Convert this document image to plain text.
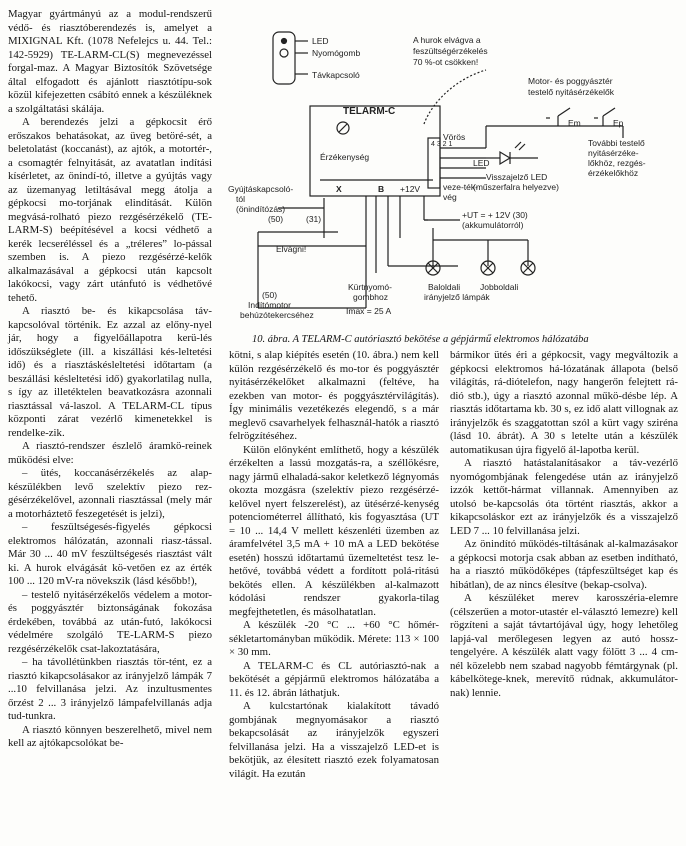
Magyar gyártmányú az a modul-rendszerű védő- és riasztóberendezés is, amelyet a MIXIGNAL Kft. (1078 Nefelejcs u. 44. Tel.: 142-5929) TE-LARM-CL(S) megnevezéssel forgal-maz. A Magyar Biztosítók Szövetsége által elfogadott és ajánlott riasztótípu-sok közül kifejezetten csábító ennek a készüléknek a szolgáltatási skálája.

A berendezés jelzi a gépkocsit érő erőszakos behatásokat, az üveg betöré-sét, a beletolatást (koccanást), az ajtók, a motortér-, a csomagtér felnyitását, az avatatlan indítási kísérletet, az önindí-tó, illetve a gyújtás vagy az üzemanyag letiltásával megg átolja a gépkocsi mo-torjának elindítását. Külön megvásá-rolható piezo rezgésérzékelő (TE-LARM-S) beépítésével a kocsi védhető a kerék lecseréléssel és a „tréleres” lo-pással szemben is. A piezo rezgésérzé-kelők alkalmazásával a gépkocsi után kapcsolt lakókocsi, vagy zárt utánfutó is védhetővé tehető.

A riasztó be- és kikapcsolása táv-kapcsolóval történik. Ez azzal az előny-nyel jár, hogy a figyelőállapotra kerü-lés időszükséglete (ill. a kiszállási kés-leltetési idő) és a riasztáskésleltetési időtartam (a beszállási késleltetési idő) gyakorlatilag nulla, s így az illetéktelen beavatkozásra azonnali riasztással vá-laszol. A TELARM-CL típus központi zárat vezérlő kimenetekkel is rendelke-zik.

A riasztó-rendszer észlelő áramkö-reinek működési elve:

– ütés, koccanásérzékelés az alap-készülékben levő szelektív piezo rez-gésérzékelővel, azonnali riasztással (mely már a motorháztető feszegetését is jelzi),

– feszültségesés-figyelés gépkocsi elektromos hálózatán, azonnali riasz-tással. Már 30 ... 40 mV feszültségesés riasztást vált ki. A hurok elvágását kö-vetően ez az érték 100 ... 120 mV-ra növekszik (lásd később!),

– testelő nyitásérzékelős védelem a motor- és poggyásztér biztonságának fokozása érdekében, továbbá az után-futó, lakókocsi védelmére szolgáló TE-LARM-S piezo rezgésérzékelők csat-lakoztatására,

– ha távollétünkben riasztás tör-tént, ez a riasztó kikapcsolásakor az irányjelző lámpák 7 ...10 felvillanása jelzi. Az inzultusmentes őrzést 2 ... 3 irányjelző lámpafelvillanás adja tud-tunkra.

A riasztó könnyen beszerelhető, mivel nem kell az ajtókapcsolókat be-

LED
Nyomógomb
Távkapcsoló
A hurok elvágva a
feszültségérzékelés
70 %-ot csökken!
TELARM-C
Érzékenység
4 3 2 1
Vörös
veze-ték-
vég
Motor- és poggyásztér
testelő nyitásérzékelők
Em	Ep
További testelő
nyitásérzéke-
lőkhöz, rezgés-
érzékelőkhöz
LED
Visszajelző LED
(műszerfalra helyezve)
Gyújtáskapcsoló-
tól
(önindítózás)
(50)	(31)
Elvágni!
(50)
+UT = + 12V (30)
(akkumulátorról)
Kürtnyomó-
gombhoz
Imax = 25 A
Baloldali
irányjelző lámpák
Jobboldali
Indítómotor
behúzótekercséhez
X	B +12V
10. ábra. A TELARM-C autóriasztó bekötése a gépjármű elektromos hálózatába

kötni, s alap kiépítés esetén (10. ábra.) nem kell külön rezgésérzékelő és mo-tor és poggyásztér nyitásérzékelőket alkalmazni (feltéve, ha ezekben van motor- és poggyásztérvilágítás). Így minimális vezetékezés elegendő, s a már meglevő csavarhelyek felhasznál-hatók a riasztó felrögzítéséhez.

Külön előnyként említhető, hogy a készülék érzékelten a lassú mozgatás-ra, a széllökésre, nagy jármű elhaladá-sakor keletkező légnyomás okozta mozgásra (szelektív piezo rezgésérzé-kelővel nyert felszerelést), az ütésérzé-kenység potenciométerrel állítható, kis fogyasztása (UT = 10 ... 14,4 V mellett készenléti üzemben az áramfelvétel 3,5 mA + 10 mA a LED bekötése esetén) hosszú időtartamú üzemeltetést tesz le-hetővé, továbbá védett a fordított polá-ritású bekötés ellen. A készülékben al-kalmazott kódolási rendszer gyakorla-tilag megfejthetetlen, és másolhatatlan.

A készülék -20 °C ... +60 °C hőmér-sékletartományban működik. Mérete: 113 × 100 × 30 mm.

A TELARM-C és CL autóriasztó-nak a bekötését a gépjármű elektromos hálózatába a 11. és 12. ábrán láthatjuk.

A kulcstartónak kialakított távadó gombjának megnyomásakor a riasztó bekapcsolását az irányjelzők egyszeri felvillanása jelzi. Ha a visszajelző LED-et is bekötjük, az élesített riasztó ezek folyamatosan világít. Ha ezután

bármikor ütés éri a gépkocsit, vagy megváltozik a gépkocsi elektromos há-lózatának állapota (belső világítás, rá-diótelefon, nagy hangerőn felejtett rá-dió stb.), úgy a riasztó azonnal műkö-désbe lép. A riasztás időtartama kb. 30 s, ez idő alatt villognak az irányjelzők és szaggatottan szól a kürt vagy sziréna (lásd 10. ábrát). A 30 s letelte után a készülék automatikusan újra figyelő ál-lapotba kerül.

A riasztó hatástalanításakor a táv-vezérlő nyomógombjának felengedése után az irányjelző izzók kettőt-hármat villannak. Amennyiben az utolsó be-kapcsolás óta történt riasztás, akkor a kikapcsoláskor ezt az irányjelzők és a visszajelző LED 7 ... 10 felvillanása jelzi.

Az önindító működés-tiltásának al-kalmazásakor a gépkocsi motorja csak abban az esetben indítható, ha a riasztó működőképes (tápfeszültséget kap és hibátlan), de az nincs élesítve (bekap-csolva).

A készüléket merev karosszéria-elemre (célszerűen a motor-utastér el-választó lemezre) kell rögzíteni a saját távtartójával úgy, hogy lehetőleg lapjá-val merőlegesen legyen az autó hossz-tengelyére. A készülék alatt vagy fölött 3 ... 4 cm-nél közelebb nem szabad nagyobb fémtárgynak (pl. kábelkötege-knek, merevítő rúdnak, akkumulátor-nak) lennie.
